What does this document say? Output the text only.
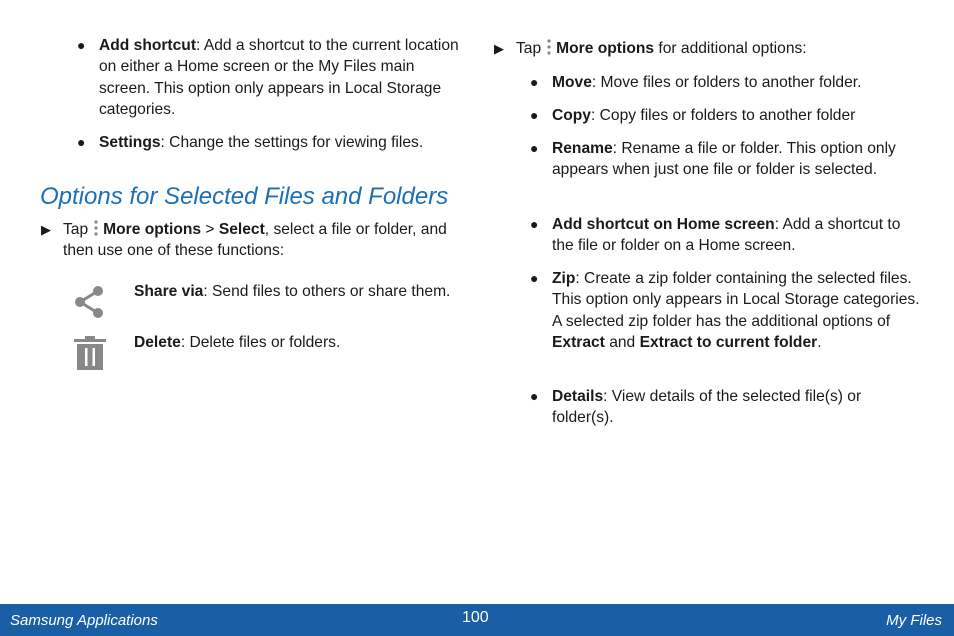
● Add shortcut: Add a shortcut to the current location on either a Home screen or the My Files main screen. This option only appears in Local Storage categories.
● Settings: Change the settings for viewing files.
Options for Selected Files and Folders
▶ Tap More options > Select, select a file or folder, and then use one of these functions:
Share via: Send files to others or share them.
Delete: Delete files or folders.
▶ Tap More options for additional options:
● Move: Move files or folders to another folder.
● Copy: Copy files or folders to another folder
● Rename: Rename a file or folder. This option only appears when just one file or folder is selected.
● Add shortcut on Home screen: Add a shortcut to the file or folder on a Home screen.
● Zip: Create a zip folder containing the selected files. This option only appears in Local Storage categories. A selected zip folder has the additional options of Extract and Extract to current folder.
● Details: View details of the selected file(s) or folder(s).
Samsung Applications	100	My Files
